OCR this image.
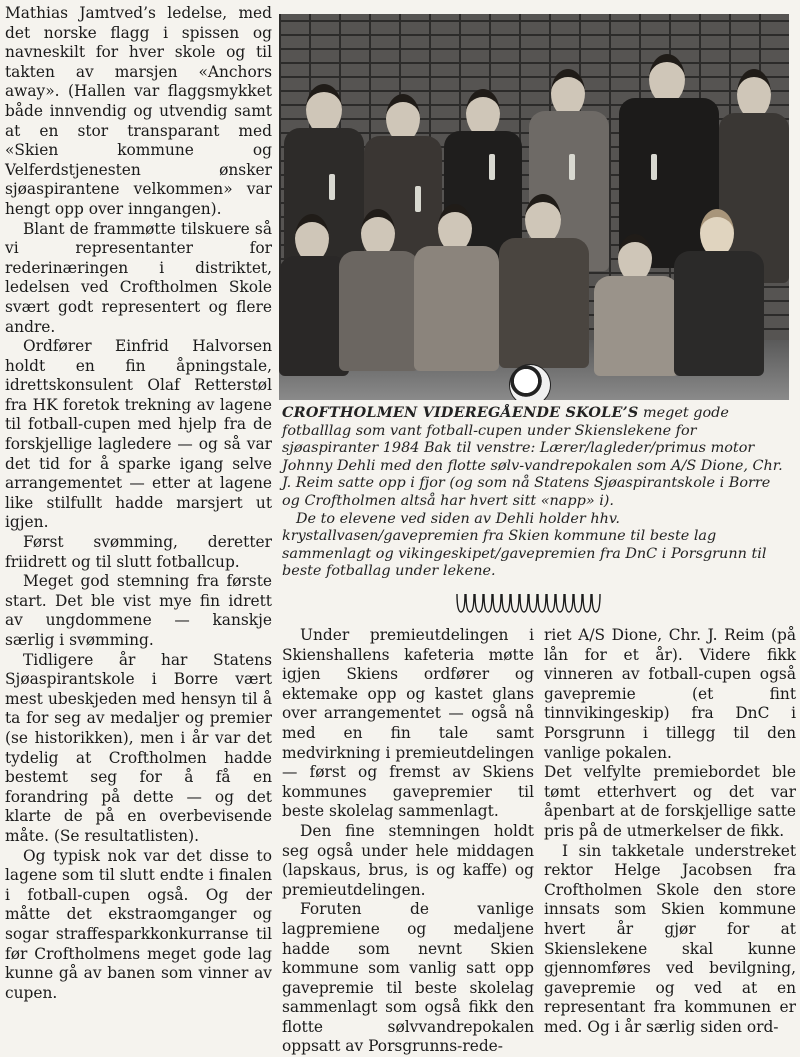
Mathias Jamtved’s ledelse, med det norske flagg i spissen og navneskilt for hver skole og til takten av marsjen «Anchors away». (Hallen var flaggsmykket både innvendig og utvendig samt at en stor transparant med «Skien kommune og Velferdstjenesten ønsker sjøaspirantene velkommen» var hengt opp over inngangen).

Blant de frammøtte tilskuere så vi representanter for rederinæringen i distriktet, ledelsen ved Croftholmen Skole svært godt representert og flere andre.

Ordfører Einfrid Halvorsen holdt en fin åpningstale, idrettskonsulent Olaf Retterstøl fra HK foretok trekning av lagene til fotball-cupen med hjelp fra de forskjellige lagledere — og så var det tid for å sparke igang selve arrangementet — etter at lagene like stilfullt hadde marsjert ut igjen.

Først svømming, deretter friidrett og til slutt fotballcup.

Meget god stemning fra første start. Det ble vist mye fin idrett av ungdommene — kanskje særlig i svømming.

Tidligere år har Statens Sjøaspirantskole i Borre vært mest ubeskjeden med hensyn til å ta for seg av medaljer og premier (se historikken), men i år var det tydelig at Croftholmen hadde bestemt seg for å få en forandring på dette — og det klarte de på en overbevisende måte. (Se resultatlisten).

Og typisk nok var det disse to lagene som til slutt endte i finalen i fotball-cupen også. Og der måtte det ekstraomganger og sogar straffesparkkonkurranse til før Croftholmens meget gode lag kunne gå av banen som vinner av cupen.

CROFTHOLMEN VIDEREGÅENDE SKOLE’S meget gode fotballlag som vant fotball-cupen under Skienslekene for sjøaspiranter 1984 Bak til venstre: Lærer/lagleder/primus motor Johnny Dehli med den flotte sølv-vandrepokalen som A/S Dione, Chr. J. Reim satte opp i fjor (og som nå Statens Sjøaspirantskole i Borre og Croftholmen altså har hvert sitt «napp» i).

De to elevene ved siden av Dehli holder hhv. krystallvasen/gavepremien fra Skien kommune til beste lag sammenlagt og vikingeskipet/gavepremien fra DnC i Porsgrunn til beste fotballag under lekene.

Under premieutdelingen i Skienshallens kafeteria møtte igjen Skiens ordfører og ektemake opp og kastet glans over arrangementet — også nå med en fin tale samt medvirkning i premieutdelingen — først og fremst av Skiens kommunes gavepremier til beste skolelag sammenlagt.

Den fine stemningen holdt seg også under hele middagen (lapskaus, brus, is og kaffe) og premieutdelingen.

Foruten de vanlige lagpremiene og medaljene hadde som nevnt Skien kommune som vanlig satt opp gavepremie til beste skolelag sammenlagt som også fikk den flotte sølvvandrepokalen oppsatt av Porsgrunns-rede-

riet A/S Dione, Chr. J. Reim (på lån for et år). Videre fikk vinneren av fotball-cupen også gavepremie (et fint tinnvikingeskip) fra DnC i Porsgrunn i tillegg til den vanlige pokalen.

Det velfylte premiebordet ble tømt etterhvert og det var åpenbart at de forskjellige satte pris på de utmerkelser de fikk.

I sin takketale understreket rektor Helge Jacobsen fra Croftholmen Skole den store innsats som Skien kommune hvert år gjør for at Skienslekene skal kunne gjennomføres ved bevilgning, gavepremie og ved at en representant fra kommunen er med. Og i år særlig siden ord-
